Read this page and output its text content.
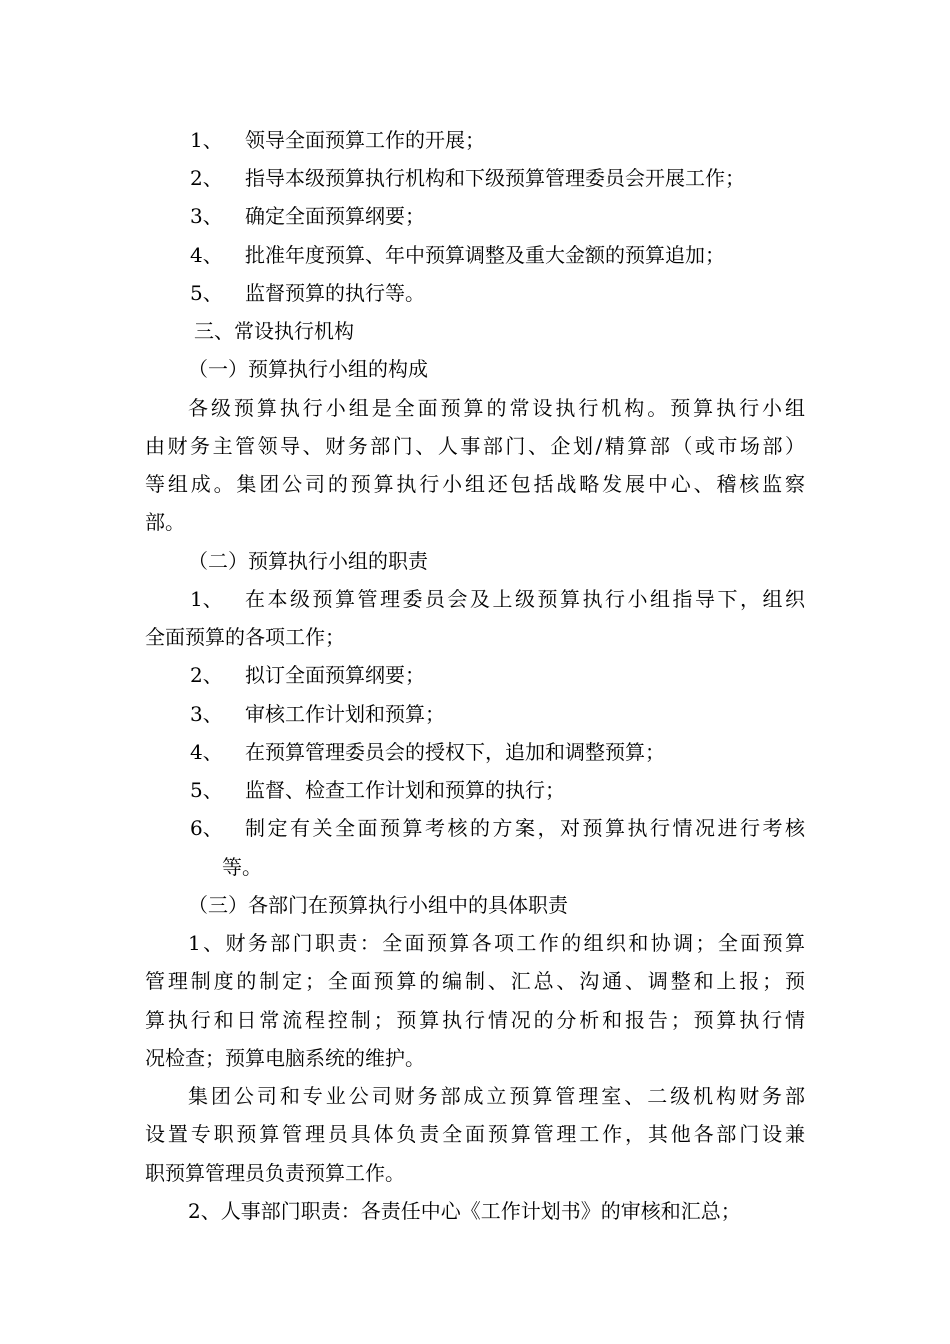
1、 领导全面预算工作的开展；
2、 指导本级预算执行机构和下级预算管理委员会开展工作；
3、 确定全面预算纲要；
4、 批准年度预算、年中预算调整及重大金额的预算追加；
5、 监督预算的执行等。
三、常设执行机构
（一）预算执行小组的构成
各级预算执行小组是全面预算的常设执行机构。预算执行小组
由财务主管领导、财务部门、人事部门、企划/精算部（或市场部）
等组成。集团公司的预算执行小组还包括战略发展中心、稽核监察
部。
（二）预算执行小组的职责
1、 在本级预算管理委员会及上级预算执行小组指导下，组织
全面预算的各项工作；
2、 拟订全面预算纲要；
3、 审核工作计划和预算；
4、 在预算管理委员会的授权下，追加和调整预算；
5、 监督、检查工作计划和预算的执行；
6、 制定有关全面预算考核的方案，对预算执行情况进行考核
等。
（三）各部门在预算执行小组中的具体职责
1、财务部门职责：全面预算各项工作的组织和协调；全面预算
管理制度的制定；全面预算的编制、汇总、沟通、调整和上报；预
算执行和日常流程控制；预算执行情况的分析和报告；预算执行情
况检查；预算电脑系统的维护。
集团公司和专业公司财务部成立预算管理室、二级机构财务部
设置专职预算管理员具体负责全面预算管理工作，其他各部门设兼
职预算管理员负责预算工作。
2、人事部门职责：各责任中心《工作计划书》的审核和汇总；
